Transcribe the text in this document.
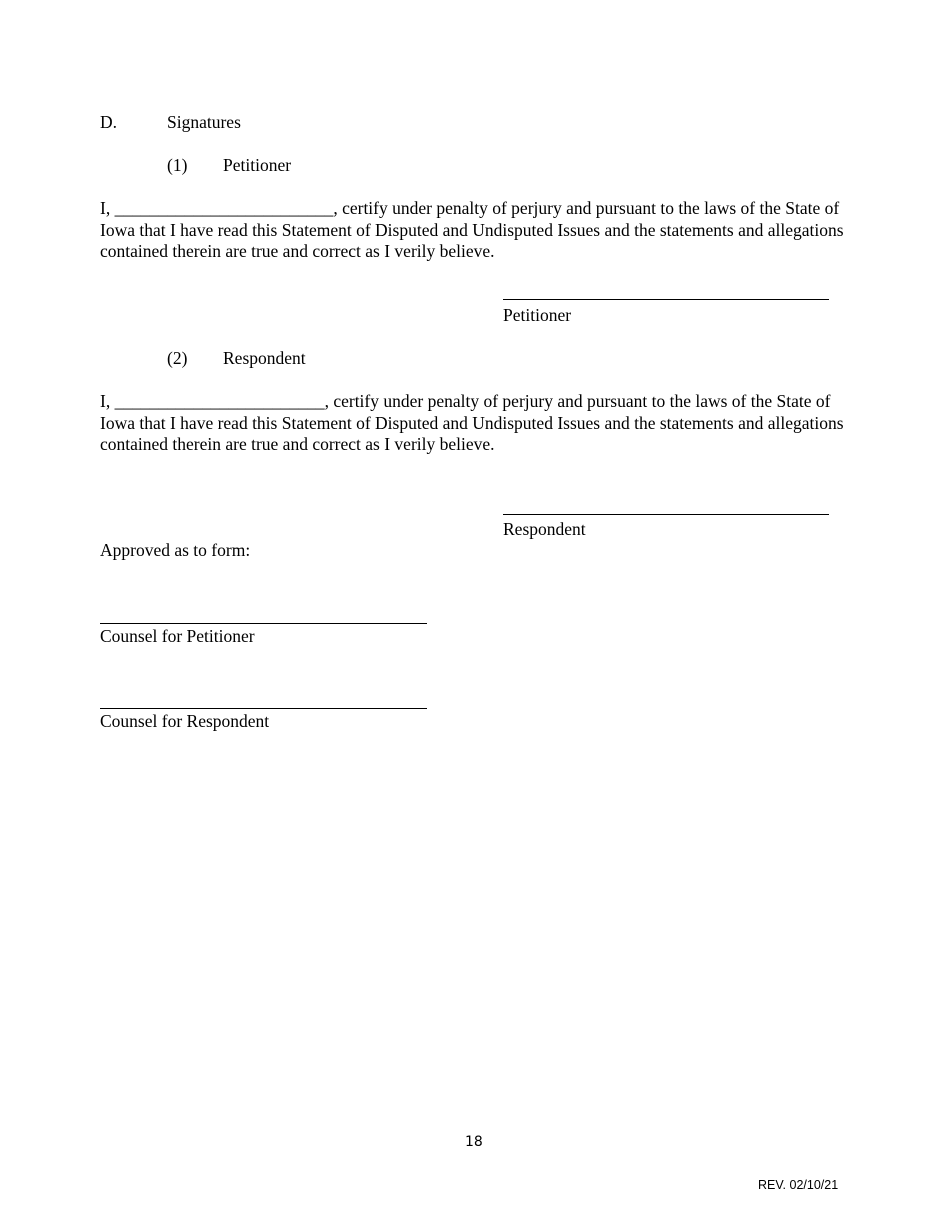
D.	Signatures
(1) Petitioner
I, _________________________, certify under penalty of perjury and pursuant to the laws of the State of Iowa that I have read this Statement of Disputed and Undisputed Issues and the statements and allegations contained therein are true and correct as I verily believe.
Petitioner
(2) Respondent
I, ________________________, certify under penalty of perjury and pursuant to the laws of the State of Iowa that I have read this Statement of Disputed and Undisputed Issues and the statements and allegations contained therein are true and correct as I verily believe.
Respondent
Approved as to form:
Counsel for Petitioner
Counsel for Respondent
18
REV. 02/10/21
